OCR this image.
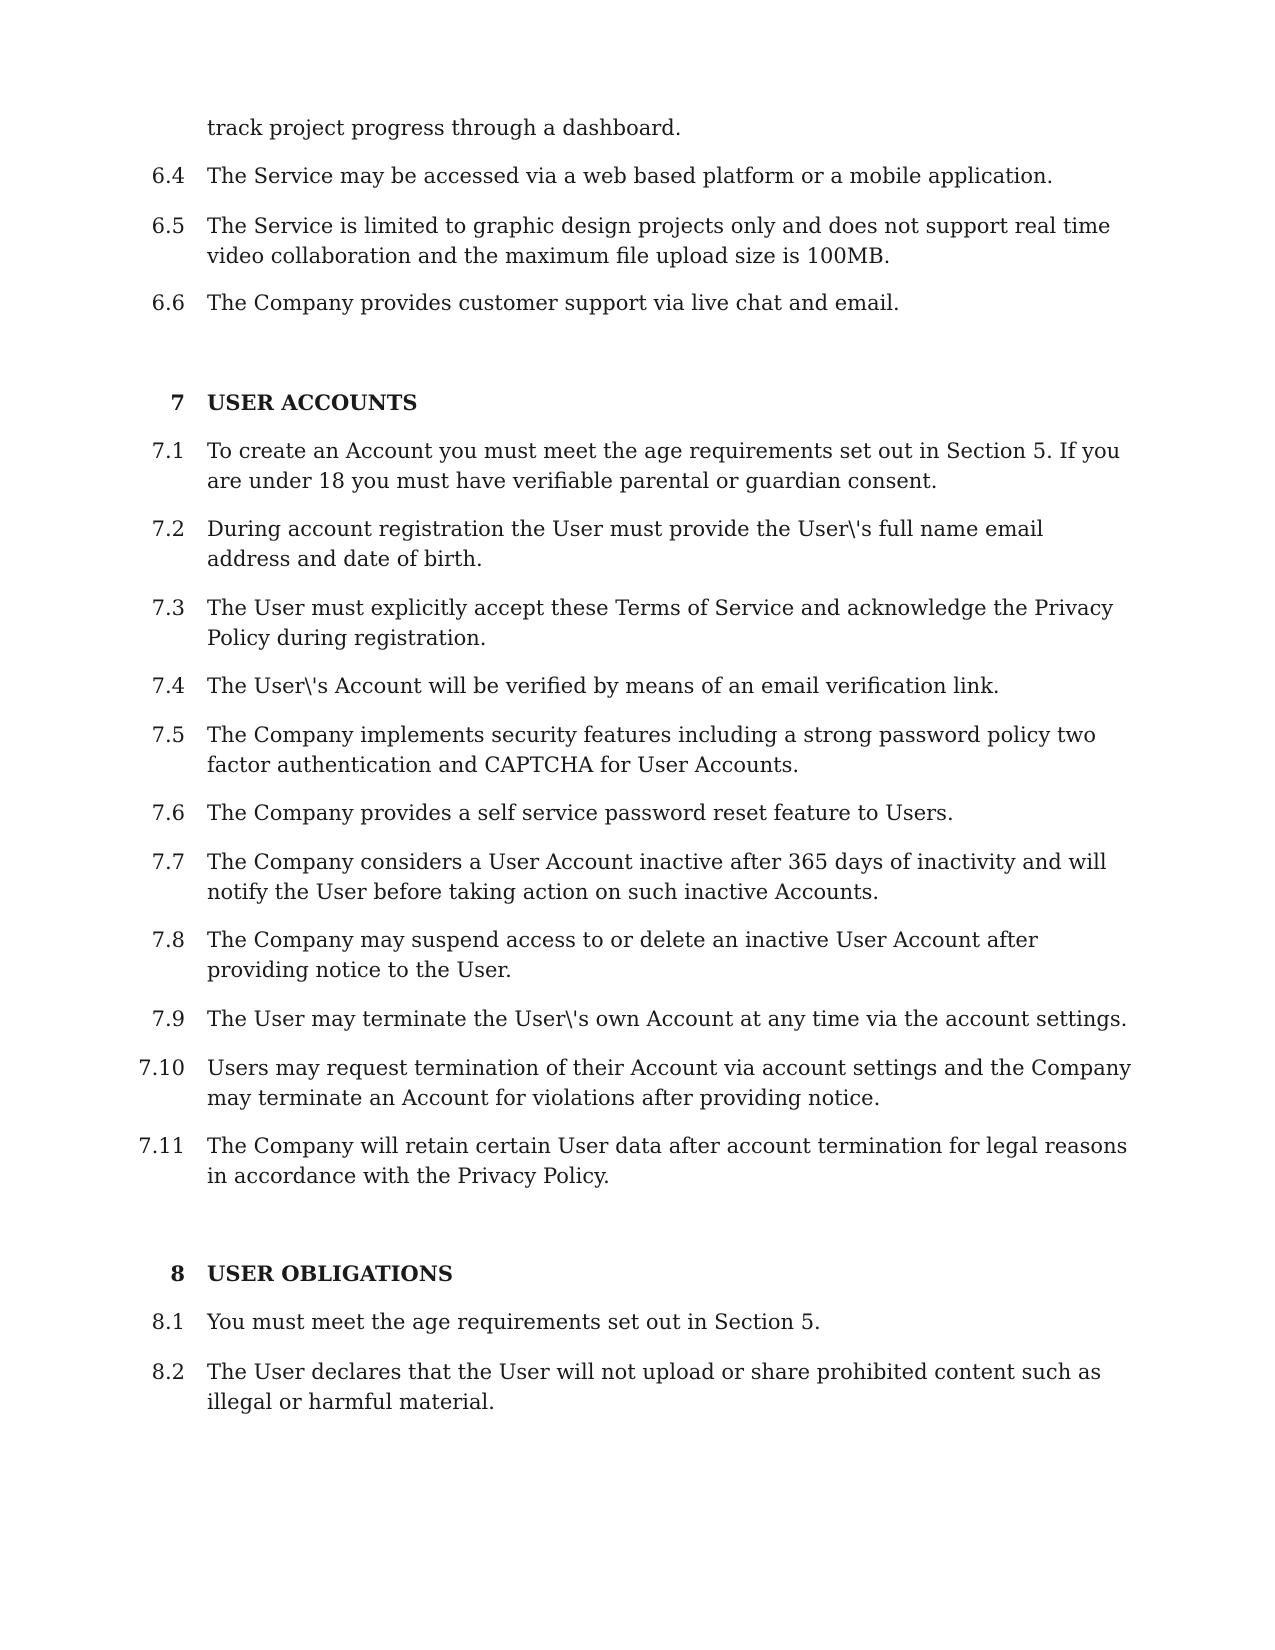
track project progress through a dashboard.
6.4 The Service may be accessed via a web based platform or a mobile application.
6.5 The Service is limited to graphic design projects only and does not support real time video collaboration and the maximum file upload size is 100MB.
6.6 The Company provides customer support via live chat and email.
7 USER ACCOUNTS
7.1 To create an Account you must meet the age requirements set out in Section 5. If you are under 18 you must have verifiable parental or guardian consent.
7.2 During account registration the User must provide the User\'s full name email address and date of birth.
7.3 The User must explicitly accept these Terms of Service and acknowledge the Privacy Policy during registration.
7.4 The User\'s Account will be verified by means of an email verification link.
7.5 The Company implements security features including a strong password policy two factor authentication and CAPTCHA for User Accounts.
7.6 The Company provides a self service password reset feature to Users.
7.7 The Company considers a User Account inactive after 365 days of inactivity and will notify the User before taking action on such inactive Accounts.
7.8 The Company may suspend access to or delete an inactive User Account after providing notice to the User.
7.9 The User may terminate the User\'s own Account at any time via the account settings.
7.10 Users may request termination of their Account via account settings and the Company may terminate an Account for violations after providing notice.
7.11 The Company will retain certain User data after account termination for legal reasons in accordance with the Privacy Policy.
8 USER OBLIGATIONS
8.1 You must meet the age requirements set out in Section 5.
8.2 The User declares that the User will not upload or share prohibited content such as illegal or harmful material.
